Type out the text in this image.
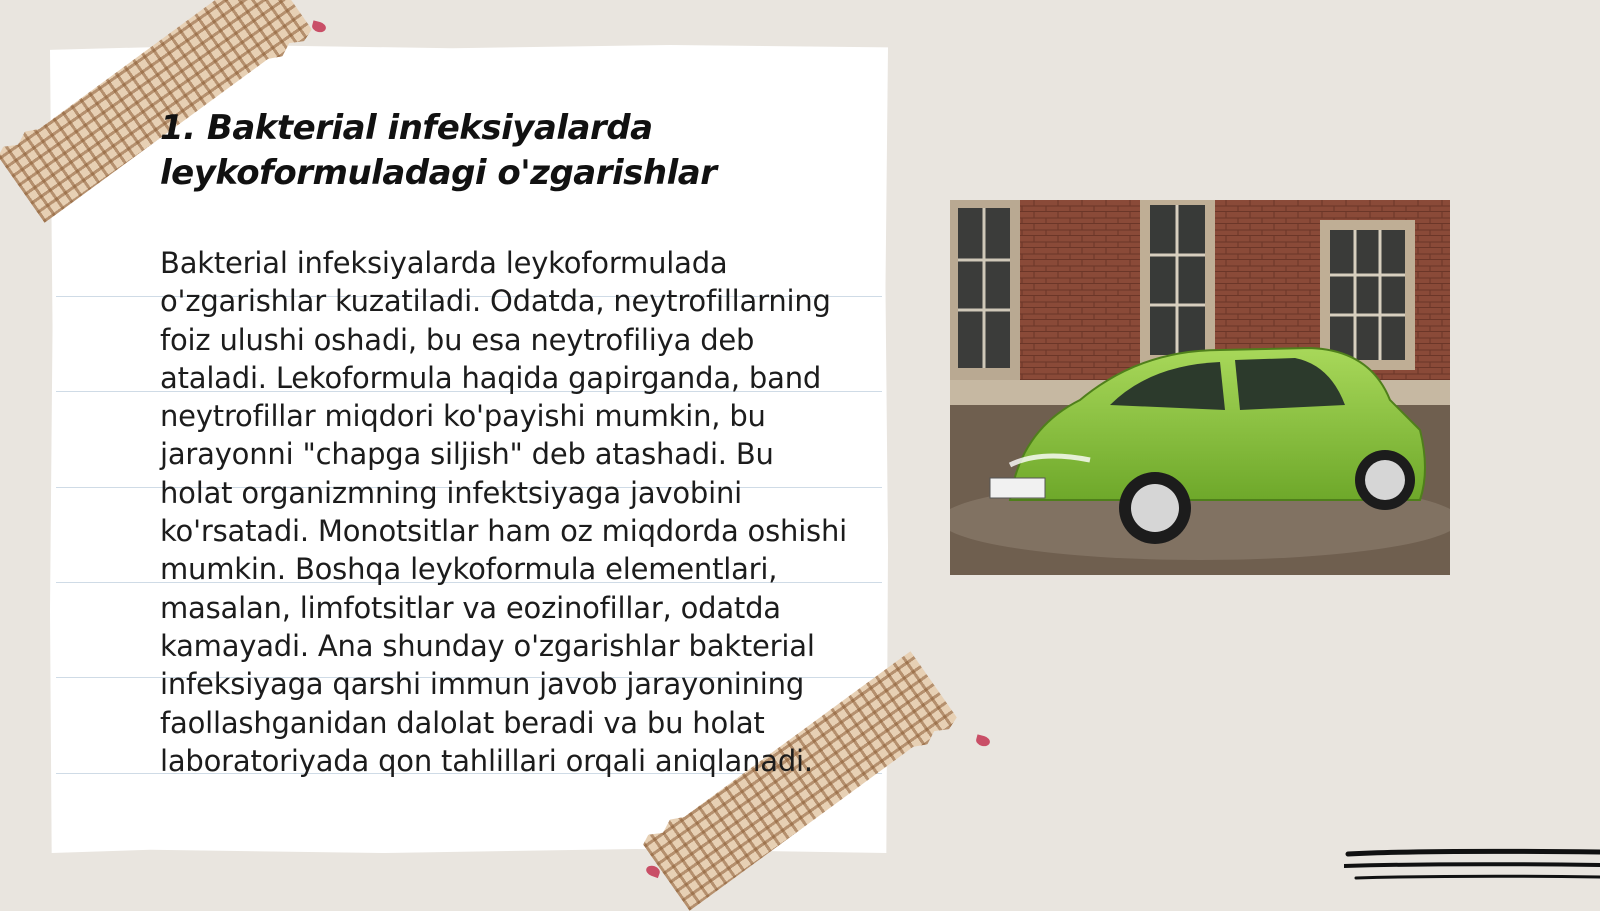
1. Bakterial infeksiyalarda leykoformuladagi o'zgarishlar

Bakterial infeksiyalarda leykoformulada o'zgarishlar kuzatiladi. Odatda, neytrofillarning foiz ulushi oshadi, bu esa neytrofiliya deb ataladi. Lekoformula haqida gapirganda, band neytrofillar miqdori ko'payishi mumkin, bu jarayonni "chapga siljish" deb atashadi. Bu holat organizmning infektsiyaga javobini ko'rsatadi. Monotsitlar ham oz miqdorda oshishi mumkin. Boshqa leykoformula elementlari, masalan, limfotsitlar va eozinofillar, odatda kamayadi. Ana shunday o'zgarishlar bakterial infeksiyaga qarshi immun javob jarayonining faollashganidan dalolat beradi va bu holat laboratoriyada qon tahlillari orqali aniqlanadi.
